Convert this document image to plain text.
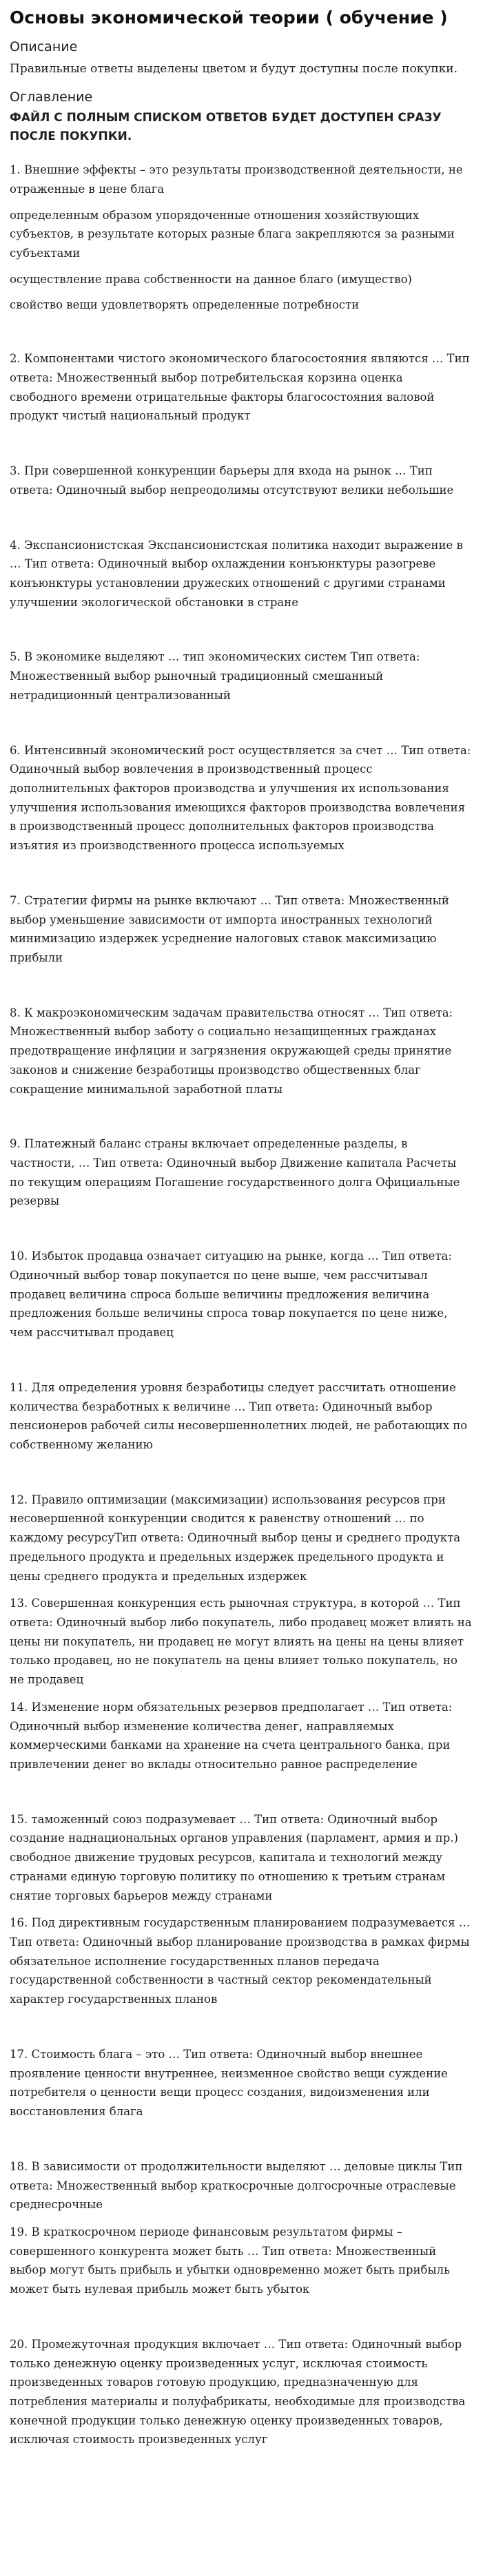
Основы экономической теории ( обучение )
Описание

Правильные ответы выделены цветом и будут доступны после покупки.

Оглавление

ФАЙЛ С ПОЛНЫМ СПИСКОМ ОТВЕТОВ БУДЕТ ДОСТУПЕН СРАЗУ ПОСЛЕ ПОКУПКИ.

1. Внешние эффекты – это результаты производственной деятельности, не отраженные в цене блага

определенным образом упорядоченные отношения хозяйствующих субъектов, в результате которых разные блага закрепляются за разными субъектами

осуществление права собственности на данное благо (имущество)

свойство вещи удовлетворять определенные потребности

2. Компонентами чистого экономического благосостояния являются … Тип ответа: Множественный выбор потребительская корзина оценка свободного времени отрицательные факторы благосостояния валовой продукт чистый национальный продукт

3. При совершенной конкуренции барьеры для входа на рынок … Тип ответа: Одиночный выбор непреодолимы отсутствуют велики небольшие

4. Экспансионистская Экспансионистская политика находит выражение в … Тип ответа: Одиночный выбор охлаждении конъюнктуры разогреве конъюнктуры установлении дружеских отношений с другими странами улучшении экологической обстановки в стране

5. В экономике выделяют … тип экономических систем Тип ответа: Множественный выбор рыночный традиционный смешанный нетрадиционный централизованный

6. Интенсивный экономический рост осуществляется за счет … Тип ответа: Одиночный выбор вовлечения в производственный процесс дополнительных факторов производства и улучшения их использования улучшения использования имеющихся факторов производства вовлечения в производственный процесс дополнительных факторов производства изъятия из производственного процесса используемых

7. Стратегии фирмы на рынке включают … Тип ответа: Множественный выбор уменьшение зависимости от импорта иностранных технологий минимизацию издержек усреднение налоговых ставок максимизацию прибыли

8. К макроэкономическим задачам правительства относят … Тип ответа: Множественный выбор заботу о социально незащищенных гражданах предотвращение инфляции и загрязнения окружающей среды принятие законов и снижение безработицы производство общественных благ сокращение минимальной заработной платы

9. Платежный баланс страны включает определенные разделы, в частности, … Тип ответа: Одиночный выбор Движение капитала Расчеты по текущим операциям Погашение государственного долга Официальные резервы

10. Избыток продавца означает ситуацию на рынке, когда … Тип ответа: Одиночный выбор товар покупается по цене выше, чем рассчитывал продавец величина спроса больше величины предложения величина предложения больше величины спроса товар покупается по цене ниже, чем рассчитывал продавец

11. Для определения уровня безработицы следует рассчитать отношение количества безработных к величине … Тип ответа: Одиночный выбор пенсионеров рабочей силы несовершеннолетних людей, не работающих по собственному желанию

12. Правило оптимизации (максимизации) использования ресурсов при несовершенной конкуренции сводится к равенству отношений … по каждому ресурсуТип ответа: Одиночный выбор цены и среднего продукта предельного продукта и предельных издержек предельного продукта и цены среднего продукта и предельных издержек

13. Совершенная конкуренция есть рыночная структура, в которой … Тип ответа: Одиночный выбор либо покупатель, либо продавец может влиять на цены ни покупатель, ни продавец не могут влиять на цены на цены влияет только продавец, но не покупатель на цены влияет только покупатель, но не продавец

14. Изменение норм обязательных резервов предполагает … Тип ответа: Одиночный выбор изменение количества денег, направляемых коммерческими банками на хранение на счета центрального банка, при привлечении денег во вклады относительно равное распределение

15. таможенный союз подразумевает … Тип ответа: Одиночный выбор создание наднациональных органов управления (парламент, армия и пр.) свободное движение трудовых ресурсов, капитала и технологий между странами единую торговую политику по отношению к третьим странам снятие торговых барьеров между странами

16. Под директивным государственным планированием подразумевается … Тип ответа: Одиночный выбор планирование производства в рамках фирмы обязательное исполнение государственных планов передача государственной собственности в частный сектор рекомендательный характер государственных планов

17. Стоимость блага – это … Тип ответа: Одиночный выбор внешнее проявление ценности внутреннее, неизменное свойство вещи суждение потребителя о ценности вещи процесс создания, видоизменения или восстановления блага

18. В зависимости от продолжительности выделяют … деловые циклы Тип ответа: Множественный выбор краткосрочные долгосрочные отраслевые среднесрочные

19. В краткосрочном периоде финансовым результатом фирмы – совершенного конкурента может быть … Тип ответа: Множественный выбор могут быть прибыль и убытки одновременно может быть прибыль может быть нулевая прибыль может быть убыток

20. Промежуточная продукция включает … Тип ответа: Одиночный выбор только денежную оценку произведенных услуг, исключая стоимость произведенных товаров готовую продукцию, предназначенную для потребления материалы и полуфабрикаты, необходимые для производства конечной продукции только денежную оценку произведенных товаров, исключая стоимость произведенных услуг
